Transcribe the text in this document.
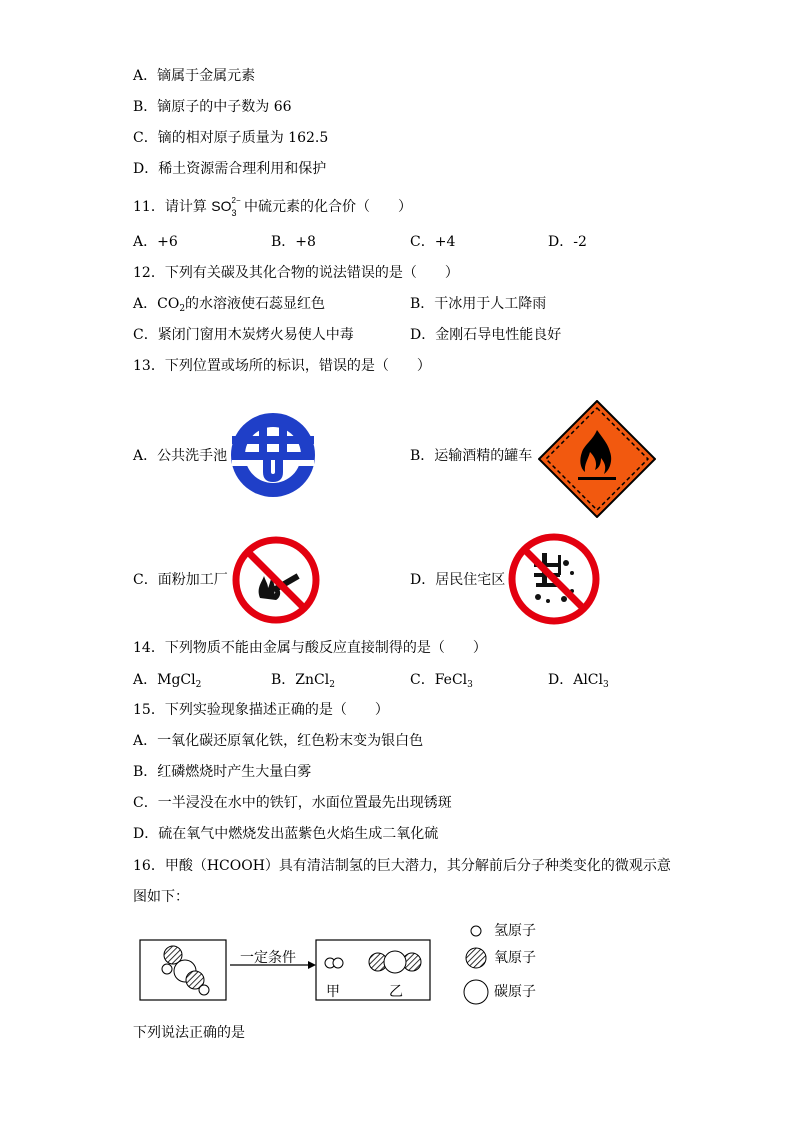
A．镝属于金属元素
B．镝原子的中子数为 66
C．镝的相对原子质量为 162.5
D．稀土资源需合理利用和保护
11．请计算 SO 2−
3 中硫元素的化合价（　　）
A．+6	B．+8	C．+4	D．-2
12．下列有关碳及其化合物的说法错误的是（　　）
A．$CO_2$的水溶液使石蕊显红色	B．干冰用于人工降雨
C．紧闭门窗用木炭烤火易使人中毒	D．金刚石导电性能良好
13．下列位置或场所的标识，错误的是（　　）
A．公共洗手池	B．运输酒精的罐车
C．面粉加工厂	D．居民住宅区
14．下列物质不能由金属与酸反应直接制得的是（　　）
A．MgCl$_2$	B．ZnCl$_2$	C．FeCl$_3$	D．AlCl$_3$
15．下列实验现象描述正确的是（　　）
A．一氧化碳还原氧化铁，红色粉末变为银白色
B．红磷燃烧时产生大量白雾
C．一半浸没在水中的铁钉，水面位置最先出现锈斑
D．硫在氧气中燃烧发出蓝紫色火焰生成二氧化硫
16．甲酸（HCOOH）具有清洁制氢的巨大潜力，其分解前后分子种类变化的微观示意
图如下：
一定条件
甲	乙
氢原子
氧原子
碳原子
下列说法正确的是
